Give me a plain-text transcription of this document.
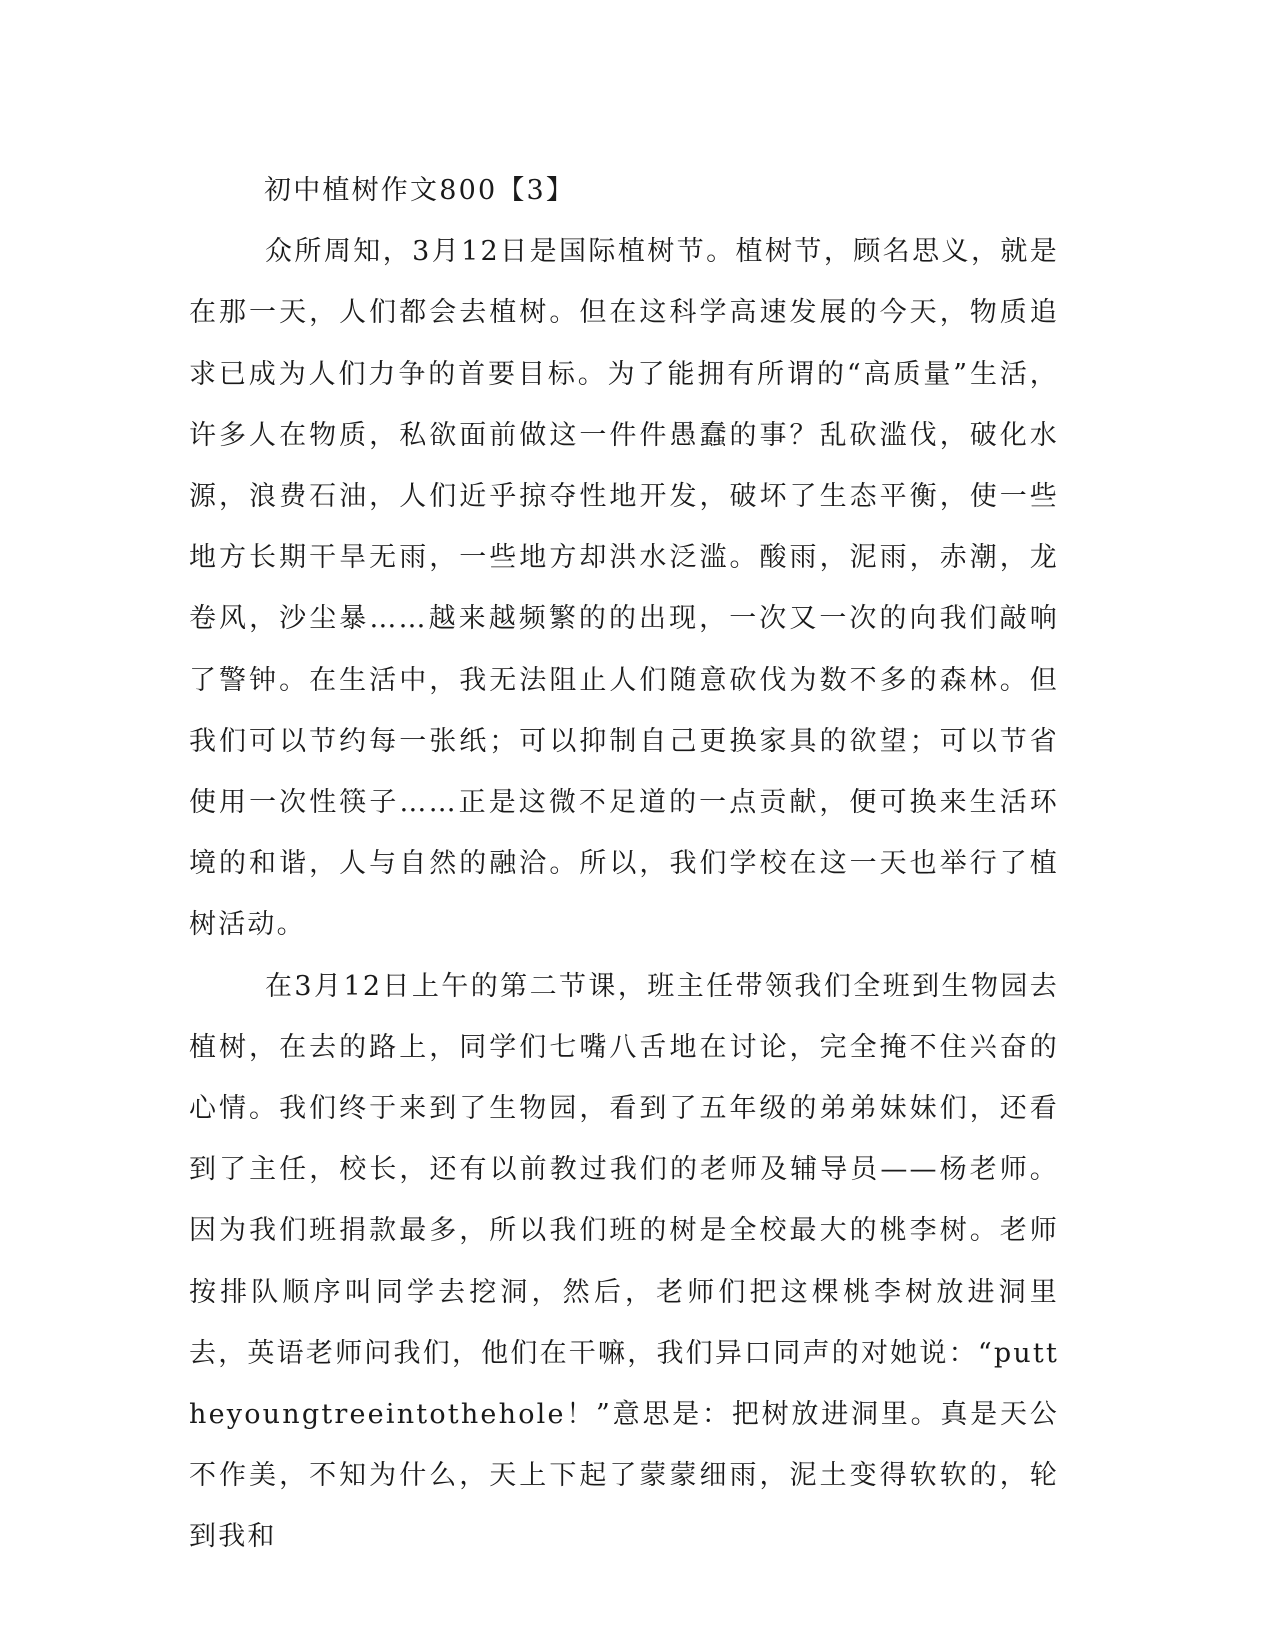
初中植树作文800【3】

众所周知，3月12日是国际植树节。植树节，顾名思义，就是在那一天，人们都会去植树。但在这科学高速发展的今天，物质追求已成为人们力争的首要目标。为了能拥有所谓的“高质量”生活，许多人在物质，私欲面前做这一件件愚蠢的事？乱砍滥伐，破化水源，浪费石油，人们近乎掠夺性地开发，破坏了生态平衡，使一些地方长期干旱无雨，一些地方却洪水泛滥。酸雨，泥雨，赤潮，龙卷风，沙尘暴……越来越频繁的的出现，一次又一次的向我们敲响了警钟。在生活中，我无法阻止人们随意砍伐为数不多的森林。但我们可以节约每一张纸；可以抑制自己更换家具的欲望；可以节省使用一次性筷子……正是这微不足道的一点贡献，便可换来生活环境的和谐，人与自然的融洽。所以，我们学校在这一天也举行了植树活动。

在3月12日上午的第二节课，班主任带领我们全班到生物园去植树，在去的路上，同学们七嘴八舌地在讨论，完全掩不住兴奋的心情。我们终于来到了生物园，看到了五年级的弟弟妹妹们，还看到了主任，校长，还有以前教过我们的老师及辅导员——杨老师。因为我们班捐款最多，所以我们班的树是全校最大的桃李树。老师按排队顺序叫同学去挖洞，然后，老师们把这棵桃李树放进洞里去，英语老师问我们，他们在干嘛，我们异口同声的对她说：“puttheyoungtreeintothehole！”意思是：把树放进洞里。真是天公不作美，不知为什么，天上下起了蒙蒙细雨，泥土变得软软的，轮到我和
